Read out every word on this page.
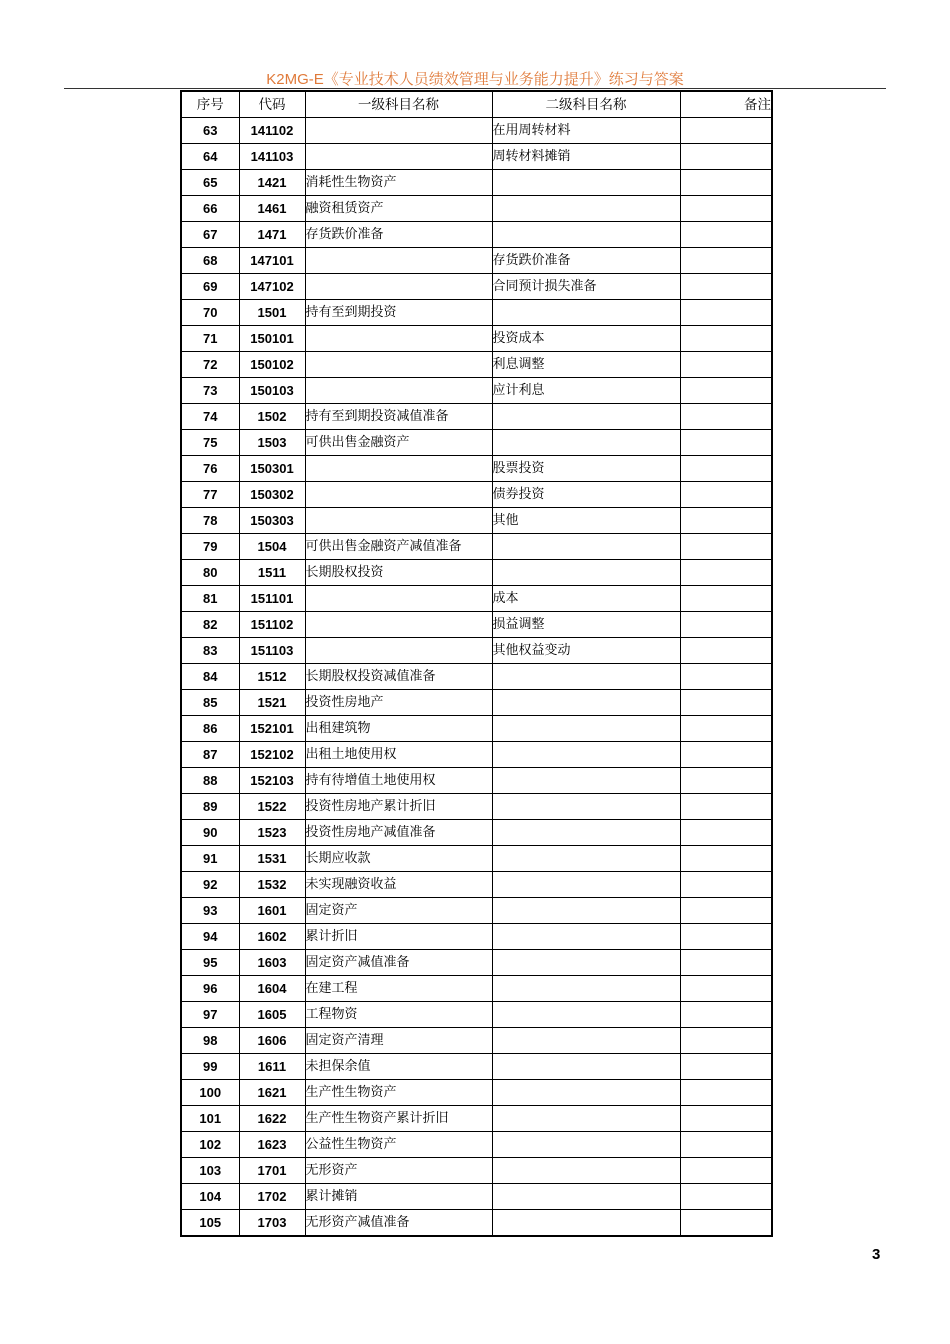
K2MG-E《专业技术人员绩效管理与业务能力提升》练习与答案
序号	代码	一级科目名称	二级科目名称	备注
63	141102		在用周转材料	
64	141103		周转材料摊销	
65	1421	消耗性生物资产		
66	1461	融资租赁资产		
67	1471	存货跌价准备		
68	147101		存货跌价准备	
69	147102		合同预计损失准备	
70	1501	持有至到期投资		
71	150101		投资成本	
72	150102		利息调整	
73	150103		应计利息	
74	1502	持有至到期投资减值准备		
75	1503	可供出售金融资产		
76	150301		股票投资	
77	150302		债券投资	
78	150303		其他	
79	1504	可供出售金融资产减值准备		
80	1511	长期股权投资		
81	151101		成本	
82	151102		损益调整	
83	151103		其他权益变动	
84	1512	长期股权投资减值准备		
85	1521	投资性房地产		
86	152101	出租建筑物		
87	152102	出租土地使用权		
88	152103	持有待增值土地使用权		
89	1522	投资性房地产累计折旧		
90	1523	投资性房地产减值准备		
91	1531	长期应收款		
92	1532	未实现融资收益		
93	1601	固定资产		
94	1602	累计折旧		
95	1603	固定资产减值准备		
96	1604	在建工程		
97	1605	工程物资		
98	1606	固定资产清理		
99	1611	未担保余值		
100	1621	生产性生物资产		
101	1622	生产性生物资产累计折旧		
102	1623	公益性生物资产		
103	1701	无形资产		
104	1702	累计摊销		
105	1703	无形资产减值准备		
3
